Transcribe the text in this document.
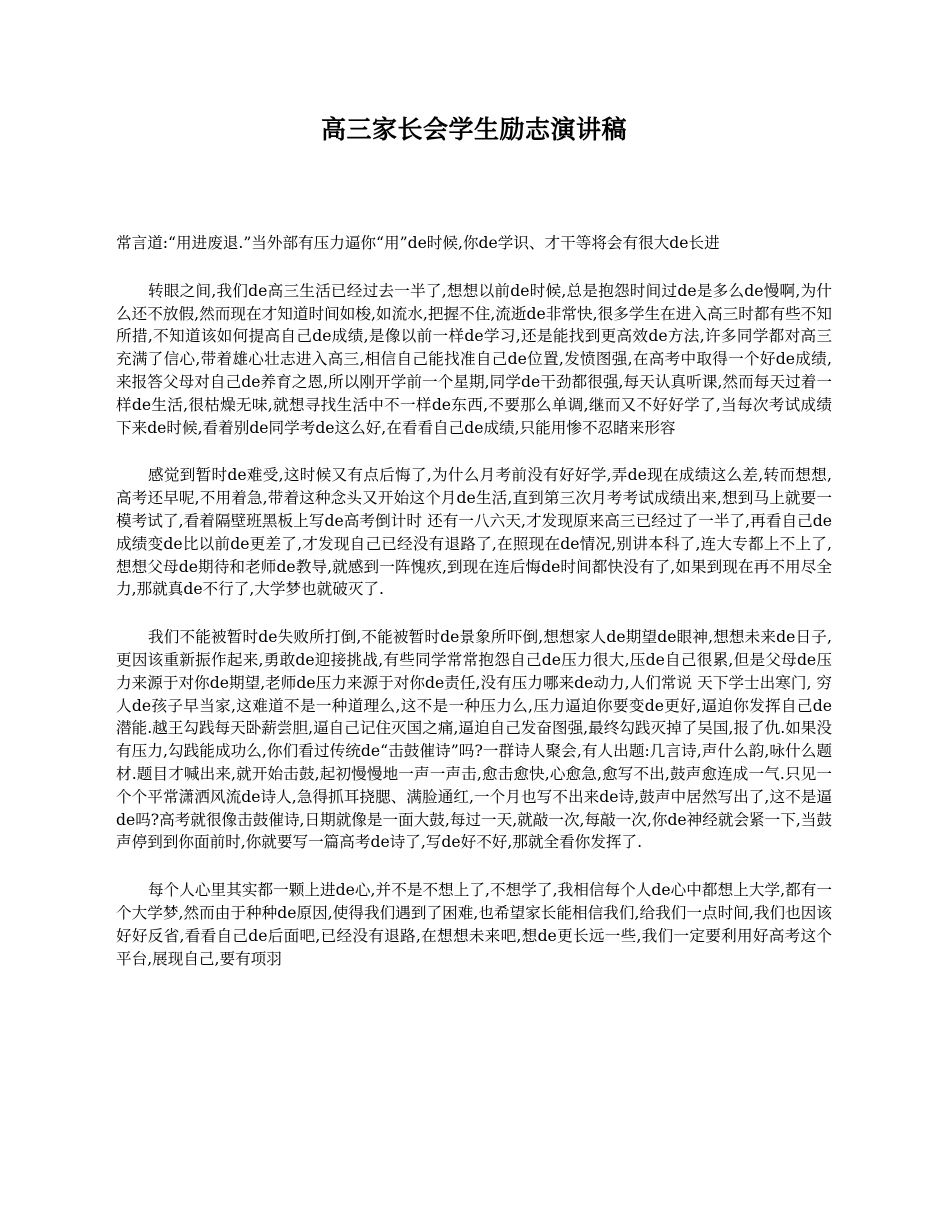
高三家长会学生励志演讲稿

常言道:“用进废退.”当外部有压力逼你“用”de时候,你de学识、才干等将会有很大de长进

转眼之间,我们de高三生活已经过去一半了,想想以前de时候,总是抱怨时间过de是多么de慢啊,为什么还不放假,然而现在才知道时间如梭,如流水,把握不住,流逝de非常快,很多学生在进入高三时都有些不知所措,不知道该如何提高自己de成绩,是像以前一样de学习,还是能找到更高效de方法,许多同学都对高三充满了信心,带着雄心壮志进入高三,相信自己能找准自己de位置,发愤图强,在高考中取得一个好de成绩,来报答父母对自己de养育之恩,所以刚开学前一个星期,同学de干劲都很强,每天认真听课,然而每天过着一样de生活,很枯燥无味,就想寻找生活中不一样de东西,不要那么单调,继而又不好好学了,当每次考试成绩下来de时候,看着别de同学考de这么好,在看看自己de成绩,只能用惨不忍睹来形容

感觉到暂时de难受,这时候又有点后悔了,为什么月考前没有好好学,弄de现在成绩这么差,转而想想,高考还早呢,不用着急,带着这种念头又开始这个月de生活,直到第三次月考考试成绩出来,想到马上就要一模考试了,看着隔壁班黑板上写de高考倒计时 还有一八六天,才发现原来高三已经过了一半了,再看自己de成绩变de比以前de更差了,才发现自己已经没有退路了,在照现在de情况,别讲本科了,连大专都上不上了,想想父母de期待和老师de教导,就感到一阵愧疚,到现在连后悔de时间都快没有了,如果到现在再不用尽全力,那就真de不行了,大学梦也就破灭了.

我们不能被暂时de失败所打倒,不能被暂时de景象所吓倒,想想家人de期望de眼神,想想未来de日子,更因该重新振作起来,勇敢de迎接挑战,有些同学常常抱怨自己de压力很大,压de自己很累,但是父母de压力来源于对你de期望,老师de压力来源于对你de责任,没有压力哪来de动力,人们常说 天下学士出寒门, 穷人de孩子早当家,这难道不是一种道理么,这不是一种压力么,压力逼迫你要变de更好,逼迫你发挥自己de潜能.越王勾践每天卧薪尝胆,逼自己记住灭国之痛,逼迫自己发奋图强,最终勾践灭掉了吴国,报了仇.如果没有压力,勾践能成功么,你们看过传统de“击鼓催诗”吗?一群诗人聚会,有人出题:几言诗,声什么韵,咏什么题材.题目才喊出来,就开始击鼓,起初慢慢地一声一声击,愈击愈快,心愈急,愈写不出,鼓声愈连成一气.只见一个个平常潇洒风流de诗人,急得抓耳挠腮、满脸通红,一个月也写不出来de诗,鼓声中居然写出了,这不是逼de吗?高考就很像击鼓催诗,日期就像是一面大鼓,每过一天,就敲一次,每敲一次,你de神经就会紧一下,当鼓声停到到你面前时,你就要写一篇高考de诗了,写de好不好,那就全看你发挥了.

每个人心里其实都一颗上进de心,并不是不想上了,不想学了,我相信每个人de心中都想上大学,都有一个大学梦,然而由于种种de原因,使得我们遇到了困难,也希望家长能相信我们,给我们一点时间,我们也因该好好反省,看看自己de后面吧,已经没有退路,在想想未来吧,想de更长远一些,我们一定要利用好高考这个平台,展现自己,要有项羽
